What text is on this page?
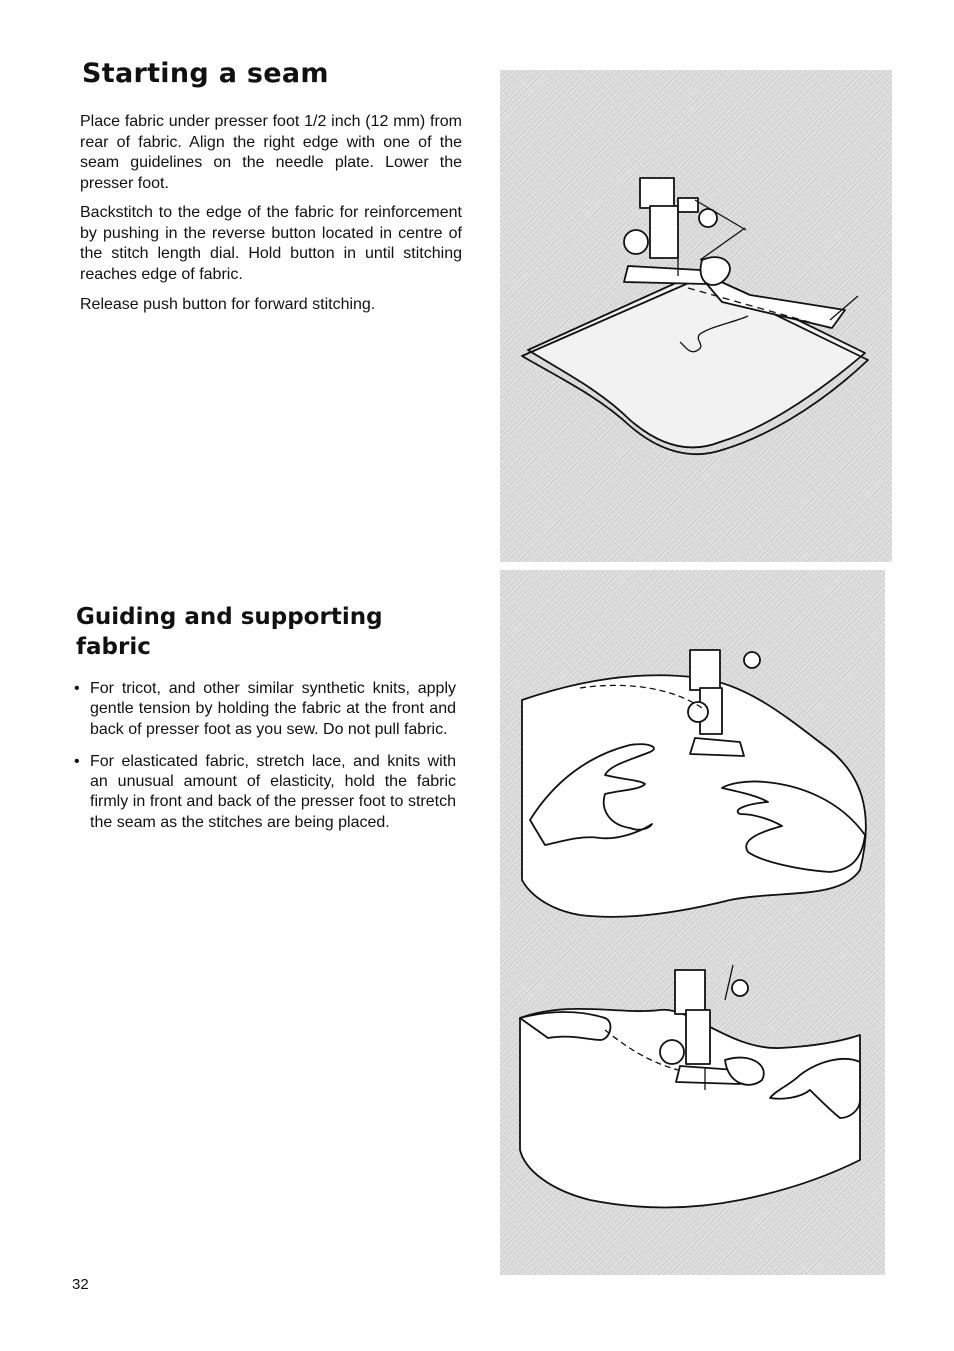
Starting a seam

Place fabric under presser foot 1/2 inch (12 mm) from rear of fabric. Align the right edge with one of the seam guidelines on the needle plate. Lower the presser foot.

Backstitch to the edge of the fabric for reinforcement by pushing in the reverse button located in centre of the stitch length dial. Hold button in until stitching reaches edge of fabric.

Release push button for forward stitching.

Guiding and supporting fabric
• For tricot, and other similar synthetic knits, apply gentle tension by holding the fabric at the front and back of presser foot as you sew. Do not pull fabric.
• For elasticated fabric, stretch lace, and knits with an unusual amount of elasticity, hold the fabric firmly in front and back of the presser foot to stretch the seam as the stitches are being placed.
32
